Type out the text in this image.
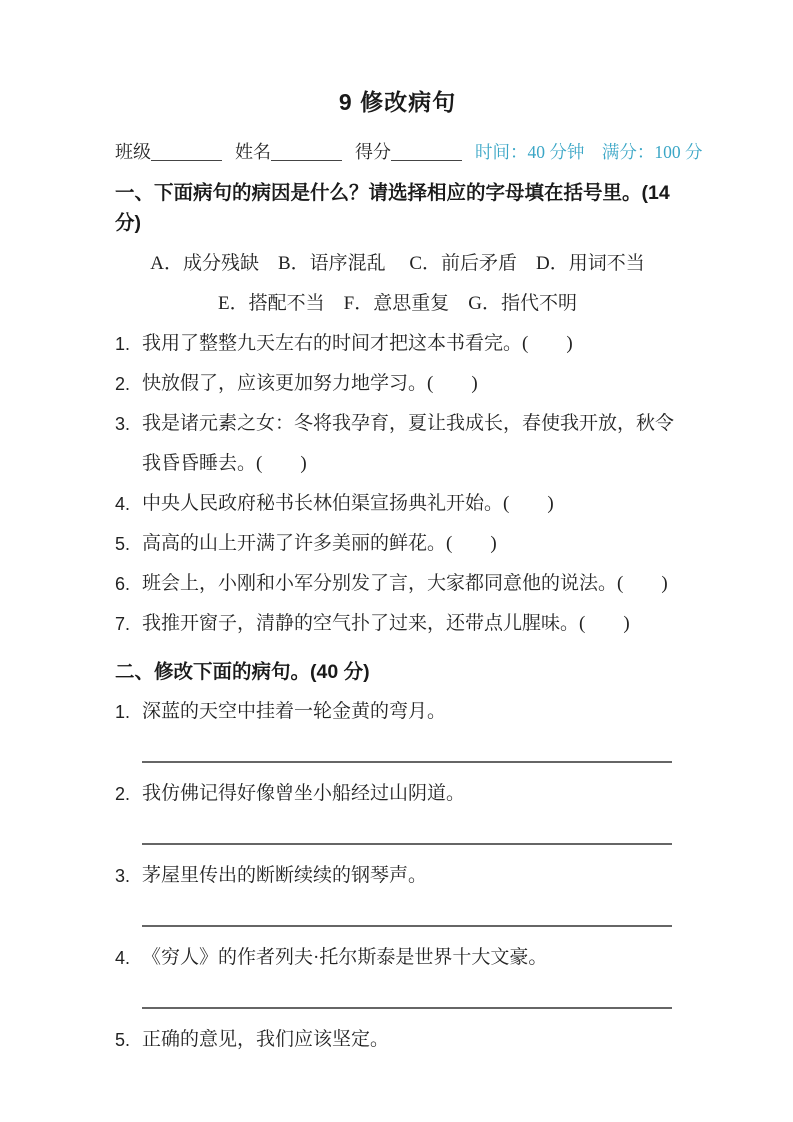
9 修改病句
班级	姓名	得分	时间：40 分钟　满分：100 分
一、下面病句的病因是什么？请选择相应的字母填在括号里。(14 分)
A．成分残缺　B．语序混乱 　C．前后矛盾　D．用词不当
E．搭配不当　F．意思重复　G．指代不明
1. 我用了整整九天左右的时间才把这本书看完。(　　)
2. 快放假了，应该更加努力地学习。(　　)
3. 我是诸元素之女：冬将我孕育，夏让我成长，春使我开放，秋令我昏昏睡去。(　　)
4. 中央人民政府秘书长林伯渠宣扬典礼开始。(　　)
5. 高高的山上开满了许多美丽的鲜花。(　　)
6. 班会上，小刚和小军分别发了言，大家都同意他的说法。(　　)
7. 我推开窗子，清静的空气扑了过来，还带点儿腥味。(　　)
二、修改下面的病句。(40 分)
1. 深蓝的天空中挂着一轮金黄的弯月。
2. 我仿佛记得好像曾坐小船经过山阴道。
3. 茅屋里传出的断断续续的钢琴声。
4. 《穷人》的作者列夫·托尔斯泰是世界十大文豪。
5. 正确的意见，我们应该坚定。
